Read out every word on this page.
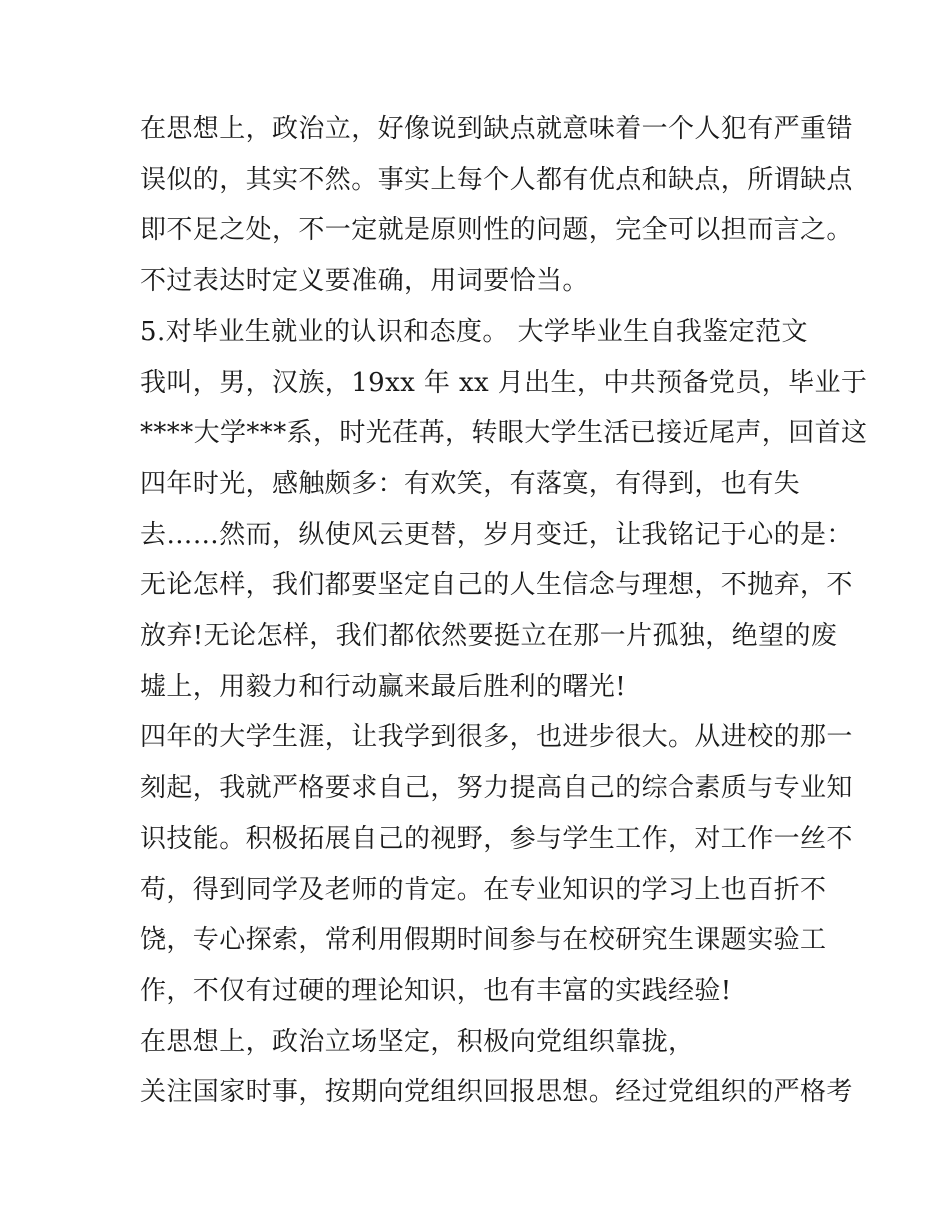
在思想上，政治立，好像说到缺点就意味着一个人犯有严重错

误似的，其实不然。事实上每个人都有优点和缺点，所谓缺点

即不足之处，不一定就是原则性的问题，完全可以担而言之。

不过表达时定义要准确，用词要恰当。

5.对毕业生就业的认识和态度。 大学毕业生自我鉴定范文

我叫，男，汉族，19xx 年 xx 月出生，中共预备党员，毕业于

****大学***系，时光荏苒，转眼大学生活已接近尾声，回首这

四年时光，感触颇多：有欢笑，有落寞，有得到，也有失

去……然而，纵使风云更替，岁月变迁，让我铭记于心的是：

无论怎样，我们都要坚定自己的人生信念与理想，不抛弃，不

放弃!无论怎样，我们都依然要挺立在那一片孤独，绝望的废

墟上，用毅力和行动赢来最后胜利的曙光!

四年的大学生涯，让我学到很多，也进步很大。从进校的那一

刻起，我就严格要求自己，努力提高自己的综合素质与专业知

识技能。积极拓展自己的视野，参与学生工作，对工作一丝不

苟，得到同学及老师的肯定。在专业知识的学习上也百折不

饶，专心探索，常利用假期时间参与在校研究生课题实验工

作，不仅有过硬的理论知识，也有丰富的实践经验!

在思想上，政治立场坚定，积极向党组织靠拢，

关注国家时事，按期向党组织回报思想。经过党组织的严格考
